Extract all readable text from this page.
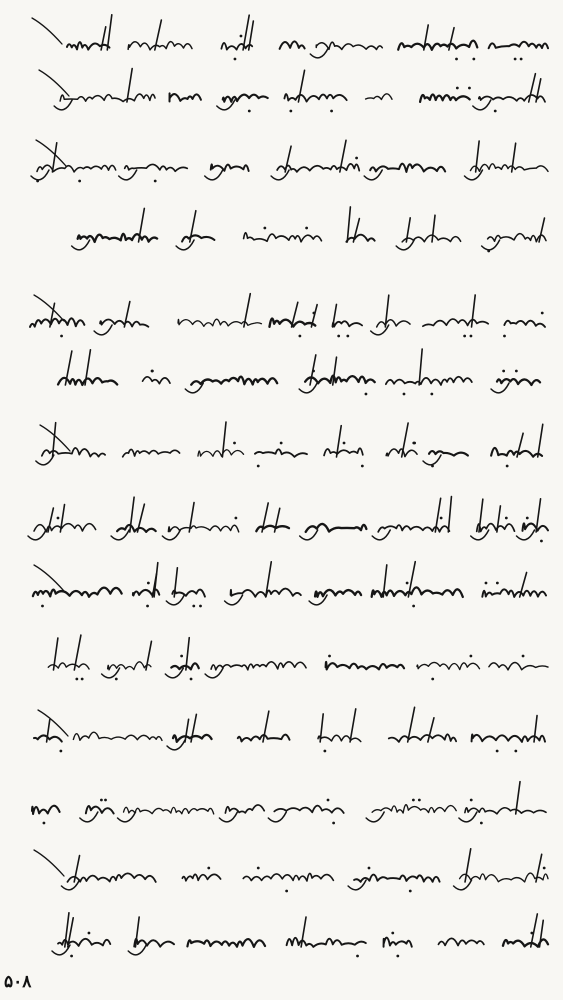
۵۰۸
